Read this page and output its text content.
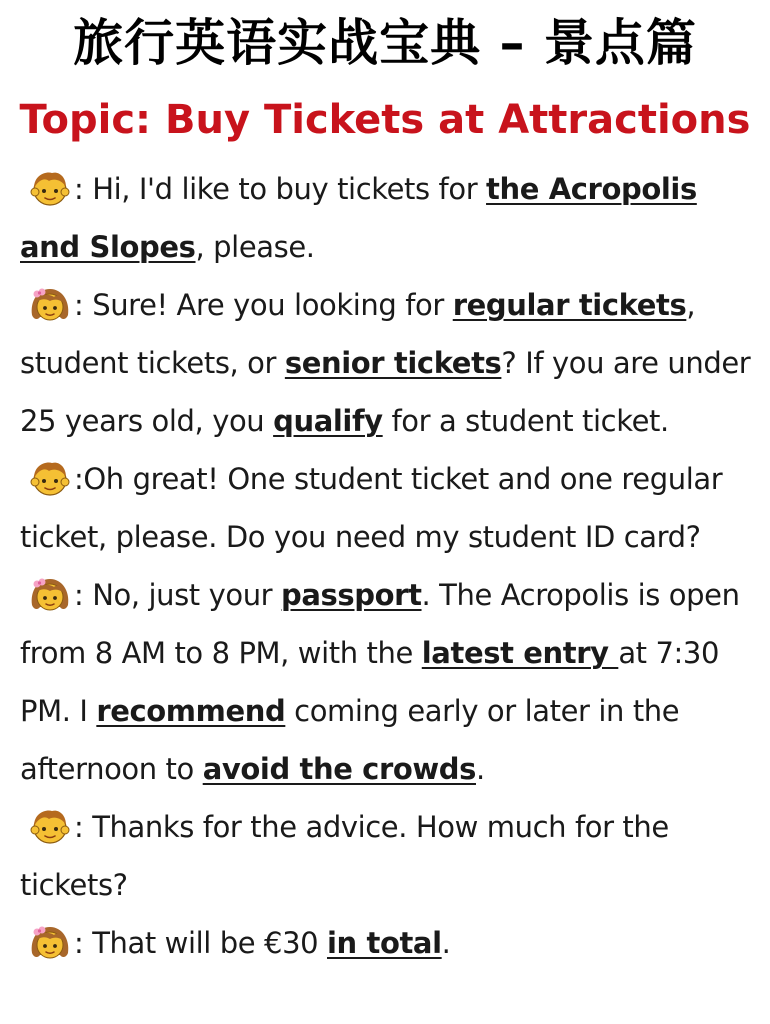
旅行英语实战宝典 – 景点篇
Topic: Buy Tickets at Attractions

: Hi, I'd like to buy tickets for the Acropolis and Slopes, please.

: Sure! Are you looking for regular tickets, student tickets, or senior tickets? If you are under 25 years old, you qualify for a student ticket.

:Oh great! One student ticket and one regular ticket, please. Do you need my student ID card?

: No, just your passport. The Acropolis is open from 8 AM to 8 PM, with the latest entry at 7:30 PM. I recommend coming early or later in the afternoon to avoid the crowds.

: Thanks for the advice. How much for the tickets?

: That will be €30 in total.
